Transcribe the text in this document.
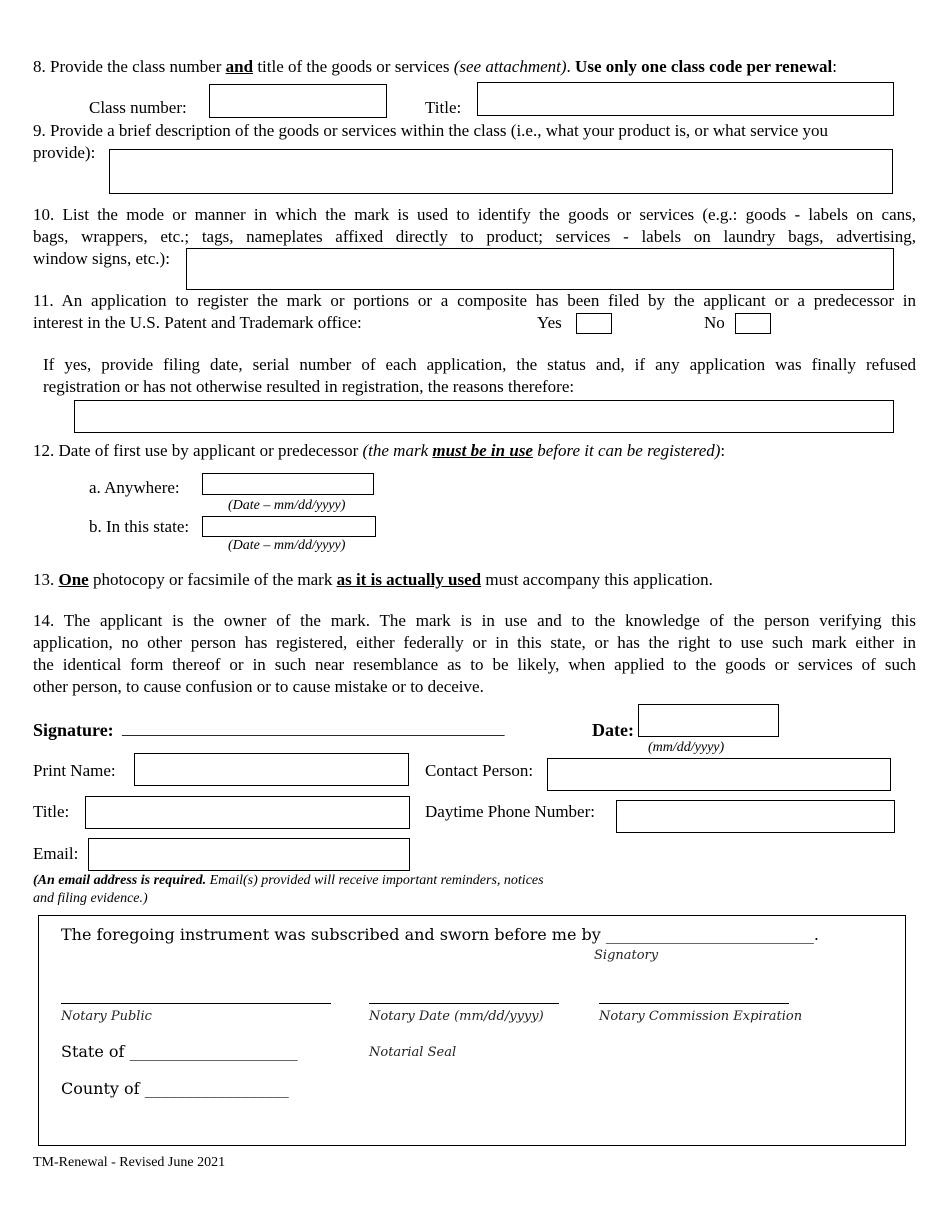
8. Provide the class number and title of the goods or services (see attachment). Use only one class code per renewal:
Class number:	Title:
9. Provide a brief description of the goods or services within the class (i.e., what your product is, or what service you
provide):
10. List the mode or manner in which the mark is used to identify the goods or services (e.g.: goods - labels on cans,
bags, wrappers, etc.; tags, nameplates affixed directly to product; services - labels on laundry bags, advertising,
window signs, etc.):
11. An application to register the mark or portions or a composite has been filed by the applicant or a predecessor in
interest in the U.S. Patent and Trademark office:	Yes	No
If yes, provide filing date, serial number of each application, the status and, if any application was finally refused
registration or has not otherwise resulted in registration, the reasons therefore:
12. Date of first use by applicant or predecessor (the mark must be in use before it can be registered):
a. Anywhere:
(Date – mm/dd/yyyy)
b. In this state:
(Date – mm/dd/yyyy)
13. One photocopy or facsimile of the mark as it is actually used must accompany this application.
14. The applicant is the owner of the mark. The mark is in use and to the knowledge of the person verifying this
application, no other person has registered, either federally or in this state, or has the right to use such mark either in
the identical form thereof or in such near resemblance as to be likely, when applied to the goods or services of such
other person, to cause confusion or to cause mistake or to deceive.
Signature: _____________________________________________	Date:
(mm/dd/yyyy)
Print Name:	Contact Person:
Title:	Daytime Phone Number:
Email:
(An email address is required. Email(s) provided will receive important reminders, notices
and filing evidence.)
The foregoing instrument was subscribed and sworn before me by __________________________.
Signatory
Notary Public	Notary Date (mm/dd/yyyy)	Notary Commission Expiration
State of _____________________	Notarial Seal
County of __________________
TM-Renewal - Revised June 2021
